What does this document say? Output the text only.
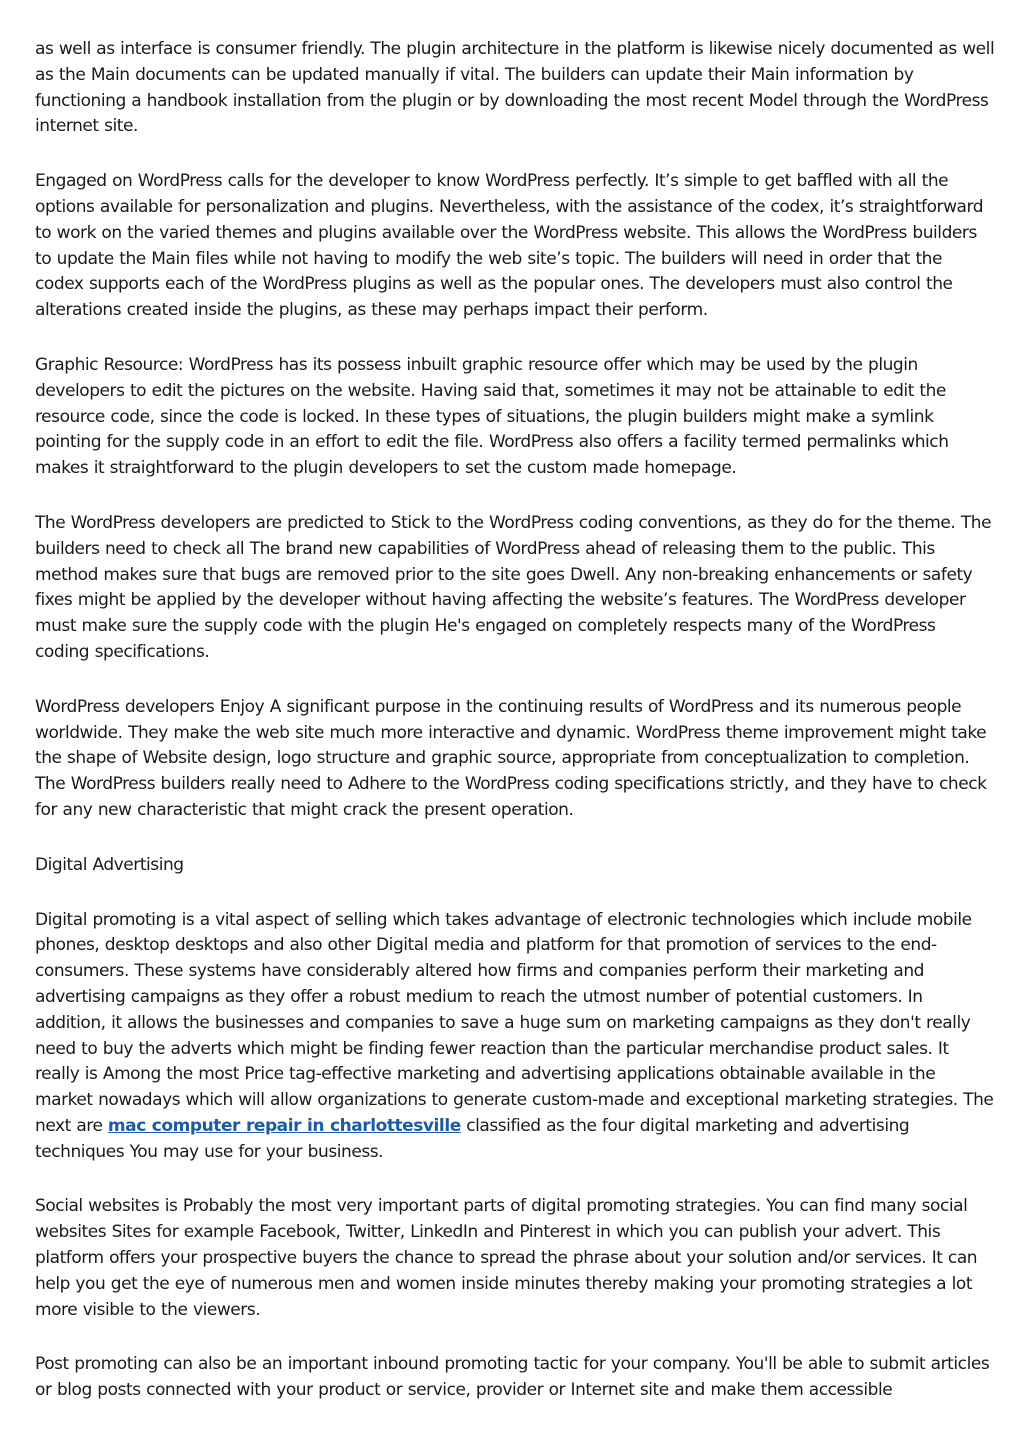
as well as interface is consumer friendly. The plugin architecture in the platform is likewise nicely documented as well as the Main documents can be updated manually if vital. The builders can update their Main information by functioning a handbook installation from the plugin or by downloading the most recent Model through the WordPress internet site.

Engaged on WordPress calls for the developer to know WordPress perfectly. It’s simple to get baffled with all the options available for personalization and plugins. Nevertheless, with the assistance of the codex, it’s straightforward to work on the varied themes and plugins available over the WordPress website. This allows the WordPress builders to update the Main files while not having to modify the web site’s topic. The builders will need in order that the codex supports each of the WordPress plugins as well as the popular ones. The developers must also control the alterations created inside the plugins, as these may perhaps impact their perform.

Graphic Resource: WordPress has its possess inbuilt graphic resource offer which may be used by the plugin developers to edit the pictures on the website. Having said that, sometimes it may not be attainable to edit the resource code, since the code is locked. In these types of situations, the plugin builders might make a symlink pointing for the supply code in an effort to edit the file. WordPress also offers a facility termed permalinks which makes it straightforward to the plugin developers to set the custom made homepage.

The WordPress developers are predicted to Stick to the WordPress coding conventions, as they do for the theme. The builders need to check all The brand new capabilities of WordPress ahead of releasing them to the public. This method makes sure that bugs are removed prior to the site goes Dwell. Any non-breaking enhancements or safety fixes might be applied by the developer without having affecting the website’s features. The WordPress developer must make sure the supply code with the plugin He's engaged on completely respects many of the WordPress coding specifications.

WordPress developers Enjoy A significant purpose in the continuing results of WordPress and its numerous people worldwide. They make the web site much more interactive and dynamic. WordPress theme improvement might take the shape of Website design, logo structure and graphic source, appropriate from conceptualization to completion. The WordPress builders really need to Adhere to the WordPress coding specifications strictly, and they have to check for any new characteristic that might crack the present operation.

Digital Advertising

Digital promoting is a vital aspect of selling which takes advantage of electronic technologies which include mobile phones, desktop desktops and also other Digital media and platform for that promotion of services to the end-consumers. These systems have considerably altered how firms and companies perform their marketing and advertising campaigns as they offer a robust medium to reach the utmost number of potential customers. In addition, it allows the businesses and companies to save a huge sum on marketing campaigns as they don't really need to buy the adverts which might be finding fewer reaction than the particular merchandise product sales. It really is Among the most Price tag-effective marketing and advertising applications obtainable available in the market nowadays which will allow organizations to generate custom-made and exceptional marketing strategies. The next are mac computer repair in charlottesville classified as the four digital marketing and advertising techniques You may use for your business.

Social websites is Probably the most very important parts of digital promoting strategies. You can find many social websites Sites for example Facebook, Twitter, LinkedIn and Pinterest in which you can publish your advert. This platform offers your prospective buyers the chance to spread the phrase about your solution and/or services. It can help you get the eye of numerous men and women inside minutes thereby making your promoting strategies a lot more visible to the viewers.

Post promoting can also be an important inbound promoting tactic for your company. You'll be able to submit articles or blog posts connected with your product or service, provider or Internet site and make them accessible
